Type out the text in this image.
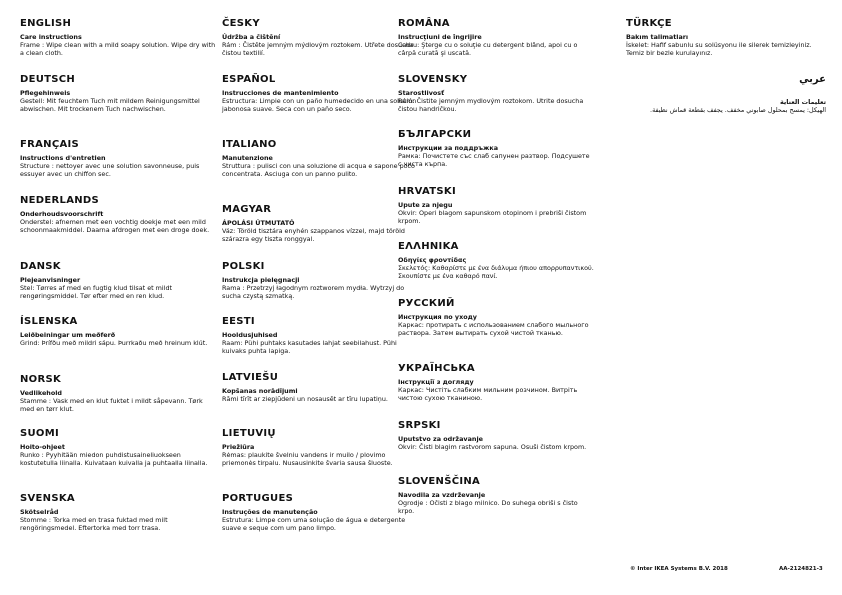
ENGLISH
Care instructions
Frame : Wipe clean with a mild soapy solution. Wipe dry with a clean cloth.
DEUTSCH
Pflegehinweis
Gestell: Mit feuchtem Tuch mit mildem Reinigungsmittel abwischen. Mit trockenem Tuch nachwischen.
FRANÇAIS
Instructions d'entretien
Structure : nettoyer avec une solution savonneuse, puis essuyer avec un chiffon sec.
NEDERLANDS
Onderhoudsvoorschrift
Onderstel: afnemen met een vochtig doekje met een mild schoonmaakmiddel. Daarna afdrogen met een droge doek.
DANSK
Plejeanvisninger
Stel: Tørres af med en fugtig klud tilsat et mildt rengøringsmiddel. Tør efter med en ren klud.
ÍSLENSKA
Leiðbeiningar um meðferð
Grind: Þrífðu með mildri sápu. Þurrkaðu með hreinum klút.
NORSK
Vedlikehold
Stamme : Vask med en klut fuktet i mildt såpevann. Tørk med en tørr klut.
SUOMI
Hoito-ohjeet
Runko : Pyyhitään miedon puhdistusaineliuokseen kostutetulla liinalla. Kuivataan kuivalla ja puhtaalla liinalla.
SVENSKA
Skötselråd
Stomme : Torka med en trasa fuktad med milt rengöringsmedel. Eftertorka med torr trasa.
ČESKY
Údržba a čištění
Rám : Čistěte jemným mýdlovým roztokem. Utřete dosucha čistou textilií.
ESPAÑOL
Instrucciones de mantenimiento
Estructura: Limpie con un paño humedecido en una solución jabonosa suave. Seca con un paño seco.
ITALIANO
Manutenzione
Struttura : pulisci con una soluzione di acqua e sapone poco concentrata. Asciuga con un panno pulito.
MAGYAR
ÁPOLÁSI ÚTMUTATÓ
Váz: Töröld tisztára enyhén szappanos vízzel, majd töröld szárazra egy tiszta ronggyal.
POLSKI
Instrukcja pielęgnacji
Rama : Przetrzyj łagodnym roztworem mydła. Wytrzyj do sucha czystą szmatką.
EESTI
Hooldusjuhised
Raam: Pühi puhtaks kasutades lahjat seebilahust. Pühi kuivaks puhta lapiga.
LATVIEŠU
Kopšanas norādījumi
Rāmi tīrīt ar ziepjūdeni un nosausēt ar tīru lupatiņu.
LIETUVIŲ
Priežiūra
Rėmas: plaukite švelniu vandens ir muilo / plovimo priemonės tirpalu. Nusausinkite švaria sausa šluoste.
PORTUGUES
Instruções de manutenção
Estrutura: Limpe com uma solução de água e detergente suave e seque com um pano limpo.
ROMÂNA
Instrucţiuni de îngrijire
Cadru: Şterge cu o soluţie cu detergent blând, apoi cu o cârpă curată şi uscată.
SLOVENSKY
Starostlivosť
Rám: Čistite jemným mydlovým roztokom. Utrite dosucha čistou handričkou.
БЪЛГАРСКИ
Инструкции за поддръжка
Рамка: Почистете със слаб сапунен разтвор. Подсушете с чиста кърпа.
HRVATSKI
Upute za njegu
Okvir: Operi blagom sapunskom otopinom i prebriši čistom krpom.
ΕΛΛΗΝΙΚΑ
Οδηγίες φροντίδας
Σκελετός: Καθαρίστε με ένα διάλυμα ήπιου απορρυπαντικού. Σκουπίστε με ένα καθαρό πανί.
РУССКИЙ
Инструкция по уходу
Каркас: протирать с использованием слабого мыльного раствора. Затем вытирать сухой чистой тканью.
УКРАЇНСЬКА
Інструкції з догляду
Каркас: Чистіть слабким мильним розчином. Витріть чистою сухою тканиною.
SRPSKI
Uputstvo za održavanje
Okvir: Čisti blagim rastvorom sapuna. Osuši čistom krpom.
SLOVENŠČINA
Navodila za vzdrževanje
Ogrodje : Očisti z blago milnico. Do suhega obriši s čisto krpo.
TÜRKÇE
Bakım talimatları
İskelet: Hafif sabunlu su solüsyonu ile silerek temizleyiniz. Temiz bir bezle kurulayınız.
عربي
تعليمات العناية
الهيكل: يمسح بمحلول صابوني مخفف. يجفف بقطعة قماش نظيفة.
© Inter IKEA Systems B.V. 2018	AA-2124821-3
